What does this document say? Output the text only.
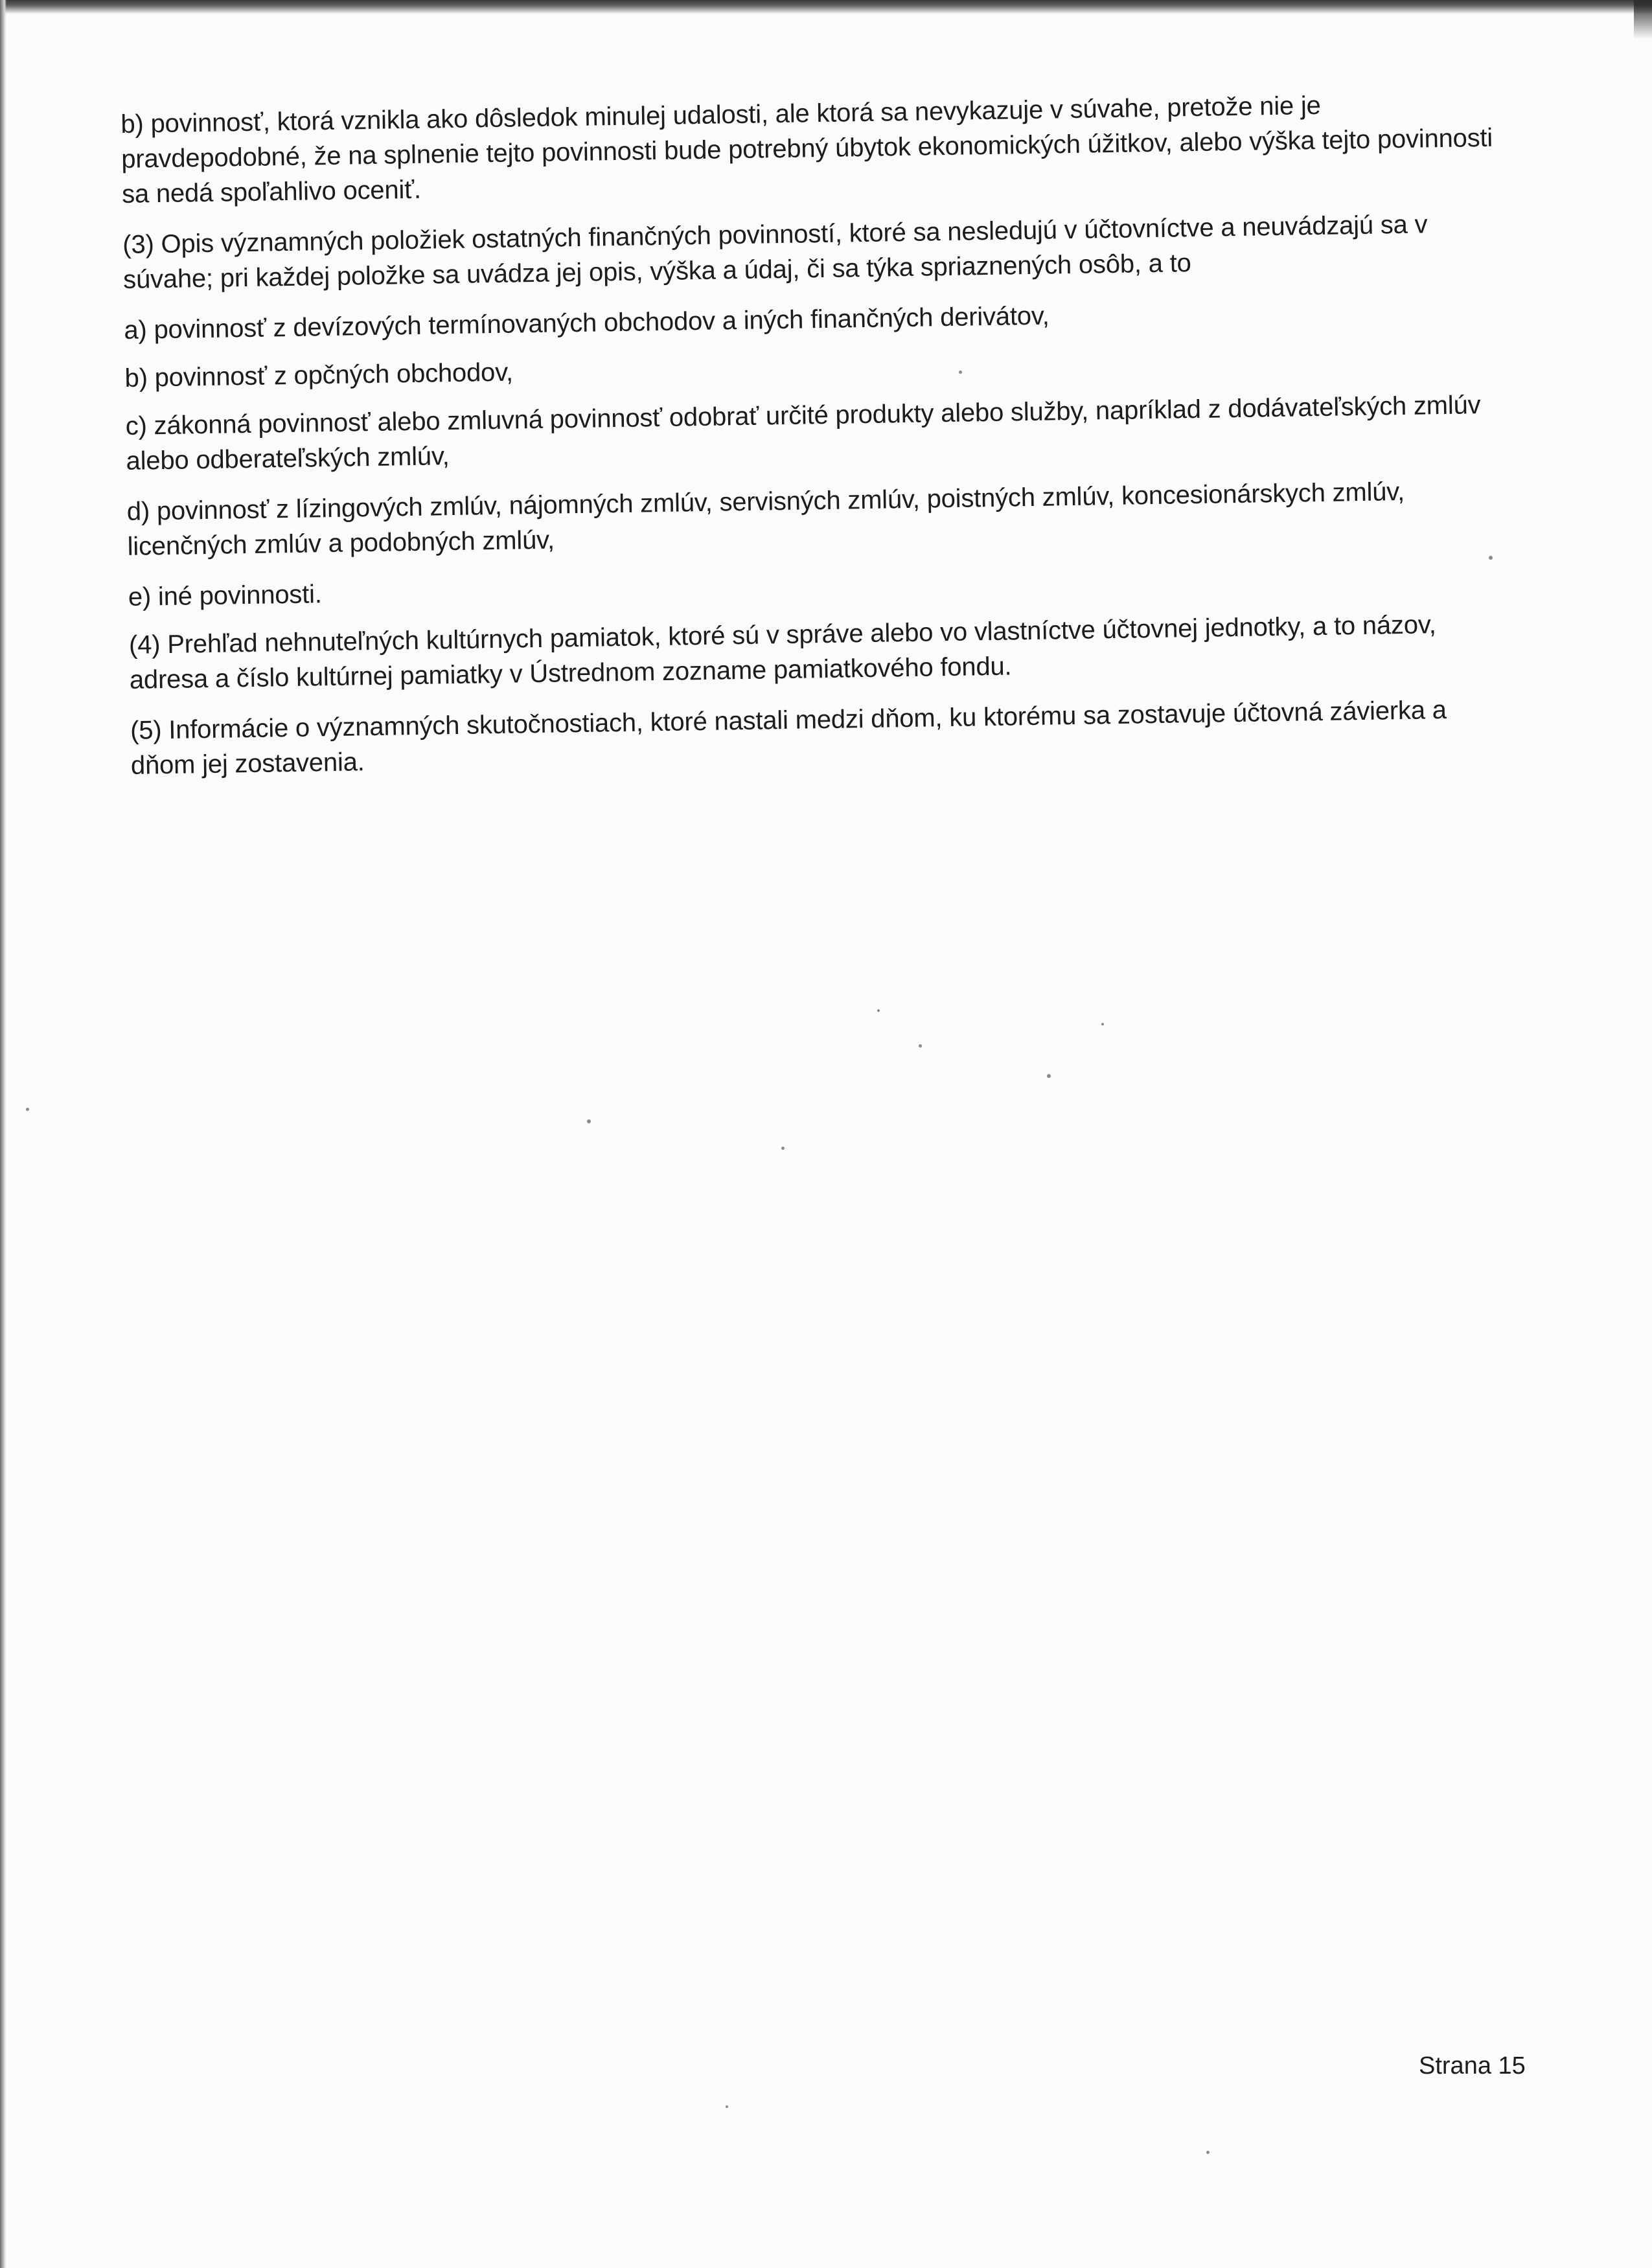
b) povinnosť, ktorá vznikla ako dôsledok minulej udalosti, ale ktorá sa nevykazuje v súvahe, pretože nie je pravdepodobné, že na splnenie tejto povinnosti bude potrebný úbytok ekonomických úžitkov, alebo výška tejto povinnosti sa nedá spoľahlivo oceniť.

(3) Opis významných položiek ostatných finančných povinností, ktoré sa nesledujú v účtovníctve a neuvádzajú sa v súvahe; pri každej položke sa uvádza jej opis, výška a údaj, či sa týka spriaznených osôb, a to

a) povinnosť z devízových termínovaných obchodov a iných finančných derivátov,

b) povinnosť z opčných obchodov,

c) zákonná povinnosť alebo zmluvná povinnosť odobrať určité produkty alebo služby, napríklad z dodávateľských zmlúv alebo odberateľských zmlúv,

d) povinnosť z lízingových zmlúv, nájomných zmlúv, servisných zmlúv, poistných zmlúv, koncesionárskych zmlúv, licenčných zmlúv a podobných zmlúv,

e) iné povinnosti.

(4) Prehľad nehnuteľných kultúrnych pamiatok, ktoré sú v správe alebo vo vlastníctve účtovnej jednotky, a to názov, adresa a číslo kultúrnej pamiatky v Ústrednom zozname pamiatkového fondu.

(5) Informácie o významných skutočnostiach, ktoré nastali medzi dňom, ku ktorému sa zostavuje účtovná závierka a dňom jej zostavenia.

Strana 15
